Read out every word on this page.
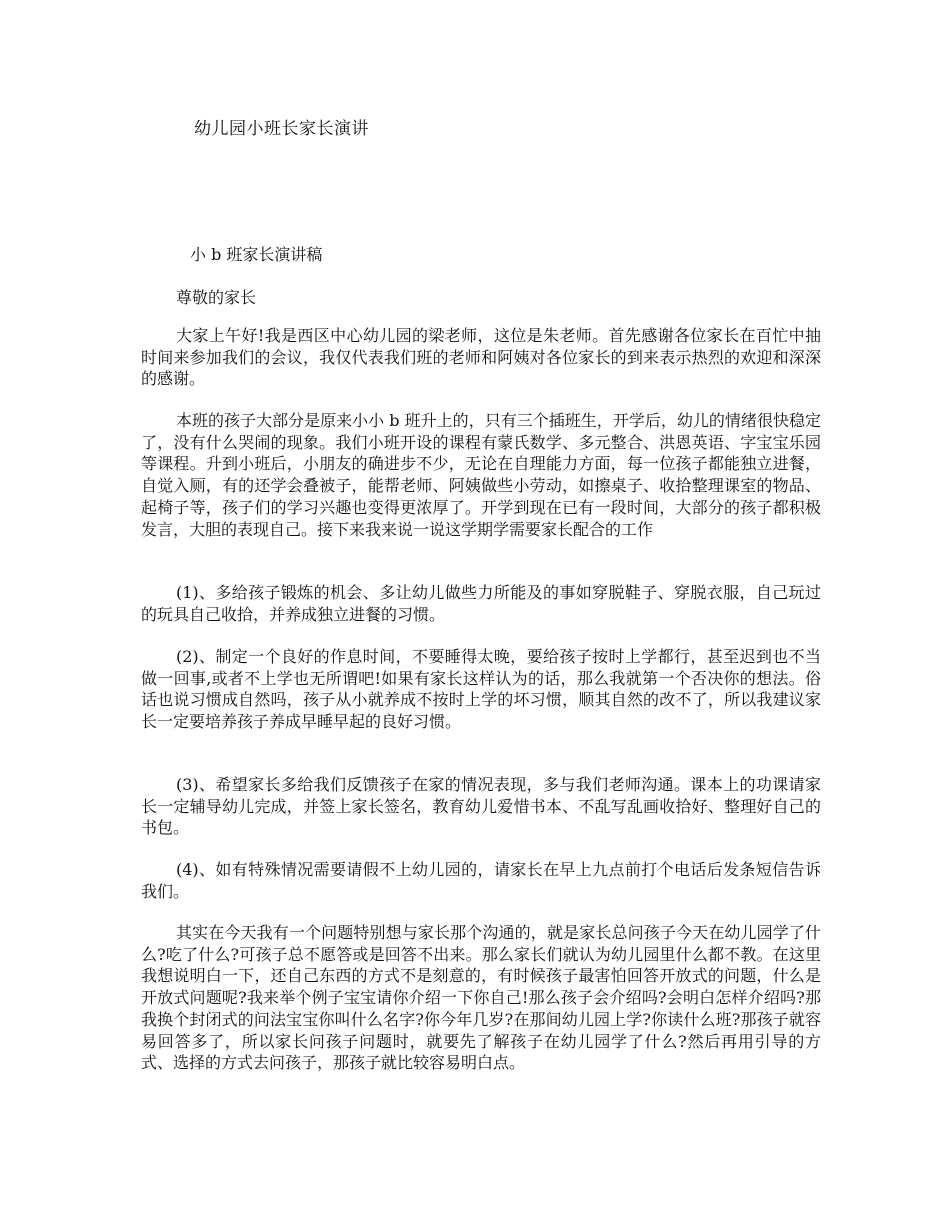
幼儿园小班长家长演讲
小 b 班家长演讲稿
尊敬的家长

大家上午好!我是西区中心幼儿园的梁老师，这位是朱老师。首先感谢各位家长在百忙中抽时间来参加我们的会议，我仅代表我们班的老师和阿姨对各位家长的到来表示热烈的欢迎和深深的感谢。

本班的孩子大部分是原来小小 b 班升上的，只有三个插班生，开学后，幼儿的情绪很快稳定了，没有什么哭闹的现象。我们小班开设的课程有蒙氏数学、多元整合、洪恩英语、字宝宝乐园等课程。升到小班后，小朋友的确进步不少，无论在自理能力方面，每一位孩子都能独立进餐，自觉入厕，有的还学会叠被子，能帮老师、阿姨做些小劳动，如擦桌子、收拾整理课室的物品、起椅子等，孩子们的学习兴趣也变得更浓厚了。开学到现在已有一段时间，大部分的孩子都积极发言，大胆的表现自己。接下来我来说一说这学期学需要家长配合的工作

(1)、多给孩子锻炼的机会、多让幼儿做些力所能及的事如穿脱鞋子、穿脱衣服，自己玩过的玩具自己收拾，并养成独立进餐的习惯。

(2)、制定一个良好的作息时间，不要睡得太晚，要给孩子按时上学都行，甚至迟到也不当做一回事,或者不上学也无所谓吧!如果有家长这样认为的话，那么我就第一个否决你的想法。俗话也说习惯成自然吗，孩子从小就养成不按时上学的坏习惯，顺其自然的改不了，所以我建议家长一定要培养孩子养成早睡早起的良好习惯。

(3)、希望家长多给我们反馈孩子在家的情况表现，多与我们老师沟通。课本上的功课请家长一定辅导幼儿完成，并签上家长签名，教育幼儿爱惜书本、不乱写乱画收拾好、整理好自己的书包。

(4)、如有特殊情况需要请假不上幼儿园的，请家长在早上九点前打个电话后发条短信告诉我们。

其实在今天我有一个问题特别想与家长那个沟通的，就是家长总问孩子今天在幼儿园学了什么?吃了什么?可孩子总不愿答或是回答不出来。那么家长们就认为幼儿园里什么都不教。在这里我想说明白一下，还自己东西的方式不是刻意的，有时候孩子最害怕回答开放式的问题，什么是开放式问题呢?我来举个例子宝宝请你介绍一下你自己!那么孩子会介绍吗?会明白怎样介绍吗?那我换个封闭式的问法宝宝你叫什么名字?你今年几岁?在那间幼儿园上学?你读什么班?那孩子就容易回答多了，所以家长问孩子问题时，就要先了解孩子在幼儿园学了什么?然后再用引导的方式、选择的方式去问孩子，那孩子就比较容易明白点。
